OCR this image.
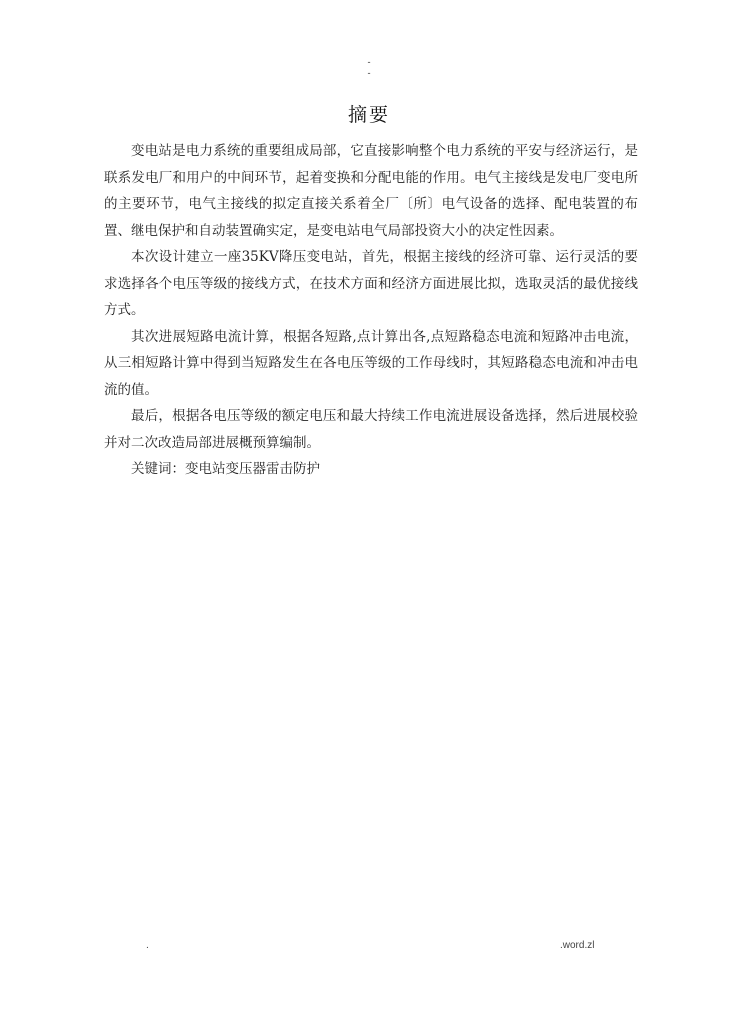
-
-
摘要

变电站是电力系统的重要组成局部，它直接影响整个电力系统的平安与经济运行，是联系发电厂和用户的中间环节，起着变换和分配电能的作用。电气主接线是发电厂变电所的主要环节，电气主接线的拟定直接关系着全厂〔所〕电气设备的选择、配电装置的布置、继电保护和自动装置确实定，是变电站电气局部投资大小的决定性因素。

本次设计建立一座35KV降压变电站，首先，根据主接线的经济可靠、运行灵活的要求选择各个电压等级的接线方式，在技术方面和经济方面进展比拟，选取灵活的最优接线方式。

其次进展短路电流计算，根据各短路,点计算出各,点短路稳态电流和短路冲击电流，从三相短路计算中得到当短路发生在各电压等级的工作母线时，其短路稳态电流和冲击电流的值。

最后，根据各电压等级的额定电压和最大持续工作电流进展设备选择，然后进展校验并对二次改造局部进展概预算编制。

关键词：变电站变压器雷击防护

.	.word.zl
